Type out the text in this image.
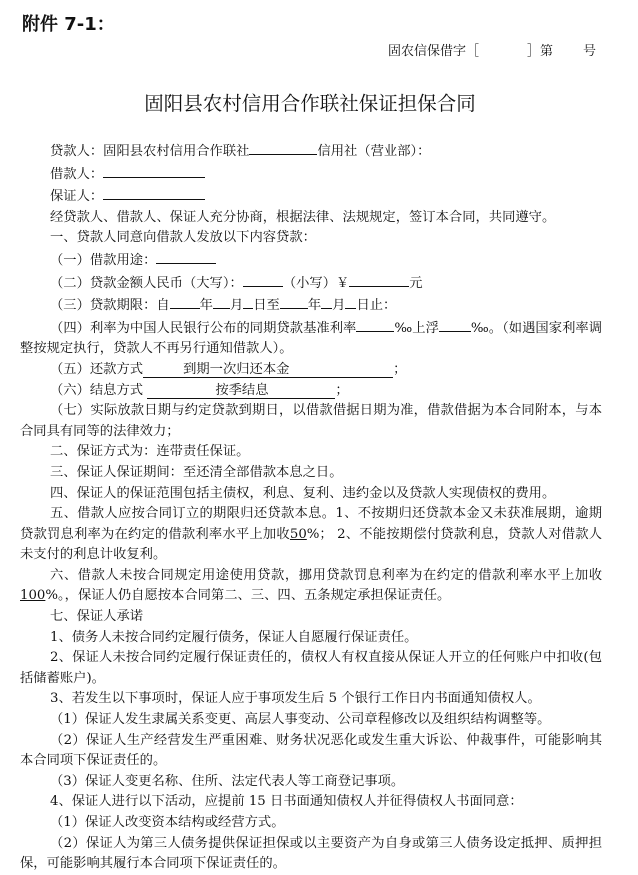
附件 7-1：
固农信保借字［	］第 号
固阳县农村信用合作联社保证担保合同

贷款人：固阳县农村信用合作联社	信用社（营业部）：

借款人：

保证人：

经贷款人、借款人、保证人充分协商，根据法律、法规规定，签订本合同，共同遵守。

一、贷款人同意向借款人发放以下内容贷款：

（一）借款用途：

（二）贷款金额人民币（大写）：	（小写）￥	元

（三）贷款期限：自 年 月 日至 年 月 日止：

（四）利率为中国人民银行公布的同期贷款基准利率	‰上浮 ‰。（如遇国家利率调整按规定执行，贷款人不再另行通知借款人）。

（五）还款方式	到期一次归还本金	；

（六）结息方式	按季结息	；

（七）实际放款日期与约定贷款到期日，以借款借据日期为准，借款借据为本合同附本，与本合同具有同等的法律效力；

二、保证方式为：连带责任保证。

三、保证人保证期间：至还清全部借款本息之日。

四、保证人的保证范围包括主债权，利息、复利、违约金以及贷款人实现债权的费用。

五、借款人应按合同订立的期限归还贷款本息。1、不按期归还贷款本金又未获准展期，逾期贷款罚息利率为在约定的借款利率水平上加收50%； 2、不能按期偿付贷款利息，贷款人对借款人未支付的利息计收复利。

六、借款人未按合同规定用途使用贷款，挪用贷款罚息利率为在约定的借款利率水平上加收100%。，保证人仍自愿按本合同第二、三、四、五条规定承担保证责任。

七、保证人承诺

1、债务人未按合同约定履行债务，保证人自愿履行保证责任。

2、保证人未按合同约定履行保证责任的，债权人有权直接从保证人开立的任何账户中扣收(包括储蓄账户)。

3、若发生以下事项时，保证人应于事项发生后 5 个银行工作日内书面通知债权人。

（1）保证人发生隶属关系变更、高层人事变动、公司章程修改以及组织结构调整等。

（2）保证人生产经营发生严重困难、财务状况恶化或发生重大诉讼、仲裁事件，可能影响其本合同项下保证责任的。

（3）保证人变更名称、住所、法定代表人等工商登记事项。

4、保证人进行以下活动，应提前 15 日书面通知债权人并征得债权人书面同意：

（1）保证人改变资本结构或经营方式。

（2）保证人为第三人债务提供保证担保或以主要资产为自身或第三人债务设定抵押、质押担保，可能影响其履行本合同项下保证责任的。
